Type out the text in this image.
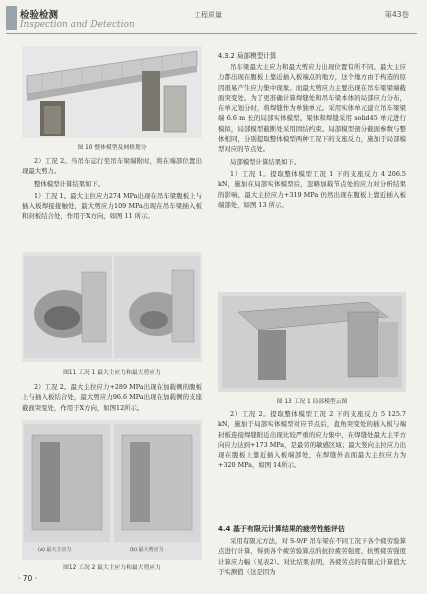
检验检测
Inspection and Detection
工程质量	第43卷
图 10 整体模型及网格划分

2）工况 2。当吊车运行至吊车梁端附时，将在端部位置出现最大剪力。

整体模型计算结果如下。

1）工况 1。最大主拉应力274 MPa出现在吊车梁腹板上与插入板焊接接触处，最大剪应力109 MPa出现在吊车梁插入板和封板结合处，作用于X方向，如图 11 所示。

图11 工况 1 最大主应力和最大剪应力

2）工况 2。最大主拉应力+289 MPa出现在加载侧的腹板上与插入板结合处，最大剪应力96.6 MPa出现在加载侧的支座截面突变处，作用于X方向，如图12所示。

(a) 最大主应力	(b) 最大剪应力
图12 工况 2 最大主应力和最大剪应力
· 70 ·
4.3.2 局部模型计算

吊车梁最大主应力和最大剪应力出现位置有所不同。最大主应力都出现在腹板上靠近插入板端点的地方，这个地方由于构造的原因很易产生应力集中现象。而最大剪应力主要出现在吊车梁梁端截面突变处。为了更准确计算焊缝处和吊车梁本体的局部应力分布，在单元划分时，将焊缝作为单独单元。采用实体单元建立吊车梁梁端 6.6 m 长的局部实体模型。梁体和焊缝采用 solid45 单元进行模拟，局部模型截断处采用固结约束。局部模型剖分截面参数与整体相同，分别提取整体模型两种工况下的支座反力，施加于局部模型对应的节点处。

局部模型计算结果如下。

1）工况 1。提取整体模型工况 1 下的支座反力 4 206.5 kN，施加在局部实体模型后，忽略加载节点处的应力对分析结果的影响，最大主拉应力+319 MPa 仍然出现在腹板上靠近插入板端部处，如图 13 所示。

图 13 工况 1 局部模型云图

2）工况 2。提取整体模型工况 2 下的支座反力 5 125.7 kN，施加于局部实体模型对应节点后，直角突变处的插入板与端封板连接焊缝附近出现比较严重的应力集中，在焊缝处最大主平方向应力达到+173 MPa，是最劳的敏感区域；最大竖向主拉应力出现在腹板上靠近插入板端部处，在焊缝外表面最大主拉应力为+320 MPa，如图 14所示。

4.4 基于有限元计算结果的疲劳性能评估

采用有限元方法，对 S-9/F 吊车梁在不同工况下各个疲劳验算点进行计算，得到各个疲劳验算点的抗拉疲劳强度、抗剪疲劳强度计算应力幅（见表2）。对比结果表明，各疲劳点的有限元计算值大于实测值（这是因为
